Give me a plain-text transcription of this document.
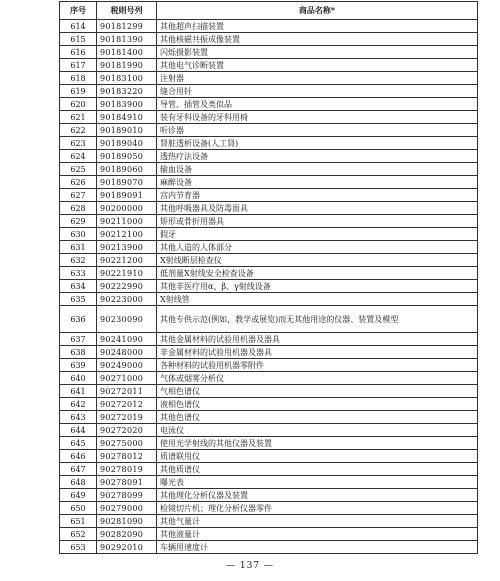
序号	税则号列	商品名称*
614	90181299	其他超声扫描装置
615	90181390	其他核磁共振成像装置
616	90181400	闪烁摄影装置
617	90181990	其他电气诊断装置
618	90183100	注射器
619	90183220	缝合用针
620	90183900	导管、插管及类似品
621	90184910	装有牙科设备的牙科用椅
622	90189010	听诊器
623	90189040	肾脏透析设备(人工肾)
624	90189050	透热疗法设备
625	90189060	输血设备
626	90189070	麻醉设备
627	90189091	宫内节育器
628	90200000	其他呼吸器具及防毒面具
629	90211000	矫形或骨折用器具
630	90212100	假牙
631	90213900	其他人造的人体部分
632	90221200	X射线断层检查仪
633	90221910	低剂量X射线安全检查设备
634	90222990	其他非医疗用α、β、γ射线设备
635	90223000	X射线管
636	90230090	其他专供示范(例如，教学或展览)而无其他用途的仪器、装置及模型
637	90241090	其他金属材料的试验用机器及器具
638	90248000	非金属材料的试验用机器及器具
639	90249000	各种材料的试验用机器零附件
640	90271000	气体或烟雾分析仪
641	90272011	气相色谱仪
642	90272012	液相色谱仪
643	90272019	其他色谱仪
644	90272020	电泳仪
645	90275000	使用光学射线的其他仪器及装置
646	90278012	质谱联用仪
647	90278019	其他质谱仪
648	90278091	曝光表
649	90278099	其他理化分析仪器及装置
650	90279000	检镜切片机；理化分析仪器零件
651	90281090	其他气量计
652	90282090	其他液量计
653	90292010	车辆用速度计
— 137 —
